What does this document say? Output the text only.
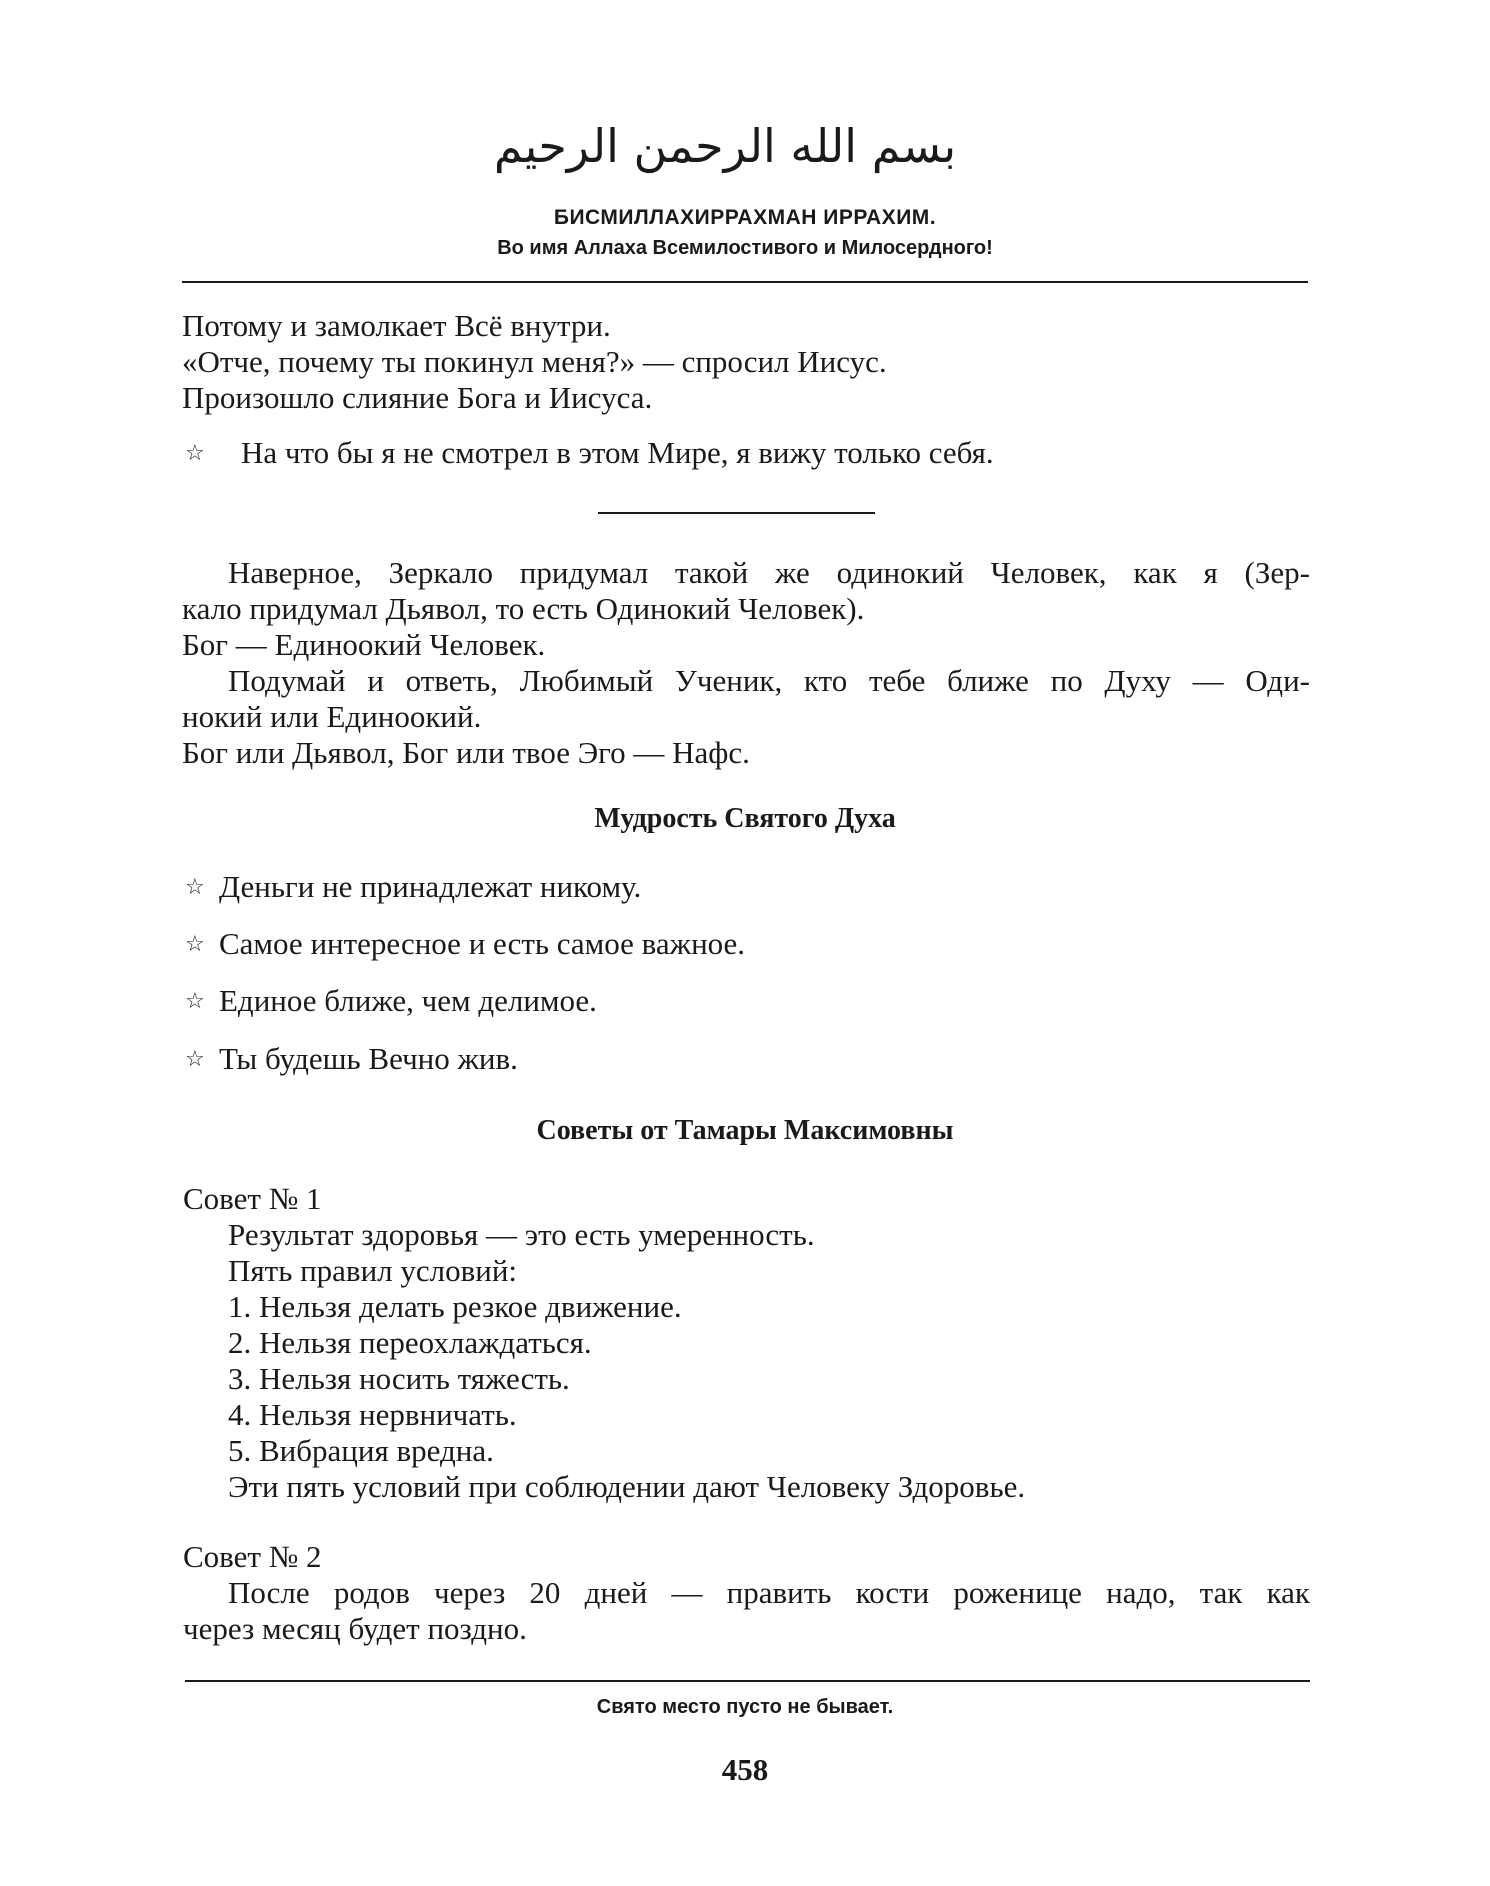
بسم الله الرحمن الرحيم
БИСМИЛЛАХИРРАХМАН ИРРАХИМ.
Во имя Аллаха Всемилостивого и Милосердного!
Потому и замолкает Всё внутри.
«Отче, почему ты покинул меня?» — спросил Иисус.
Произошло слияние Бога и Иисуса.
☆ На что бы я не смотрел в этом Мире, я вижу только себя.
Наверное, Зеркало придумал такой же одинокий Человек, как я (Зер-
кало придумал Дьявол, то есть Одинокий Человек).
Бог — Единоокий Человек.
Подумай и ответь, Любимый Ученик, кто тебе ближе по Духу — Оди-
нокий или Единоокий.
Бог или Дьявол, Бог или твое Эго — Нафс.
Мудрость Святого Духа
☆ Деньги не принадлежат никому.
☆ Самое интересное и есть самое важное.
☆ Единое ближе, чем делимое.
☆ Ты будешь Вечно жив.
Советы от Тамары Максимовны
Совет № 1
Результат здоровья — это есть умеренность.
Пять правил условий:
1. Нельзя делать резкое движение.
2. Нельзя переохлаждаться.
3. Нельзя носить тяжесть.
4. Нельзя нервничать.
5. Вибрация вредна.
Эти пять условий при соблюдении дают Человеку Здоровье.
Совет № 2
После родов через 20 дней — править кости роженице надо, так как
через месяц будет поздно.
Свято место пусто не бывает.
458
